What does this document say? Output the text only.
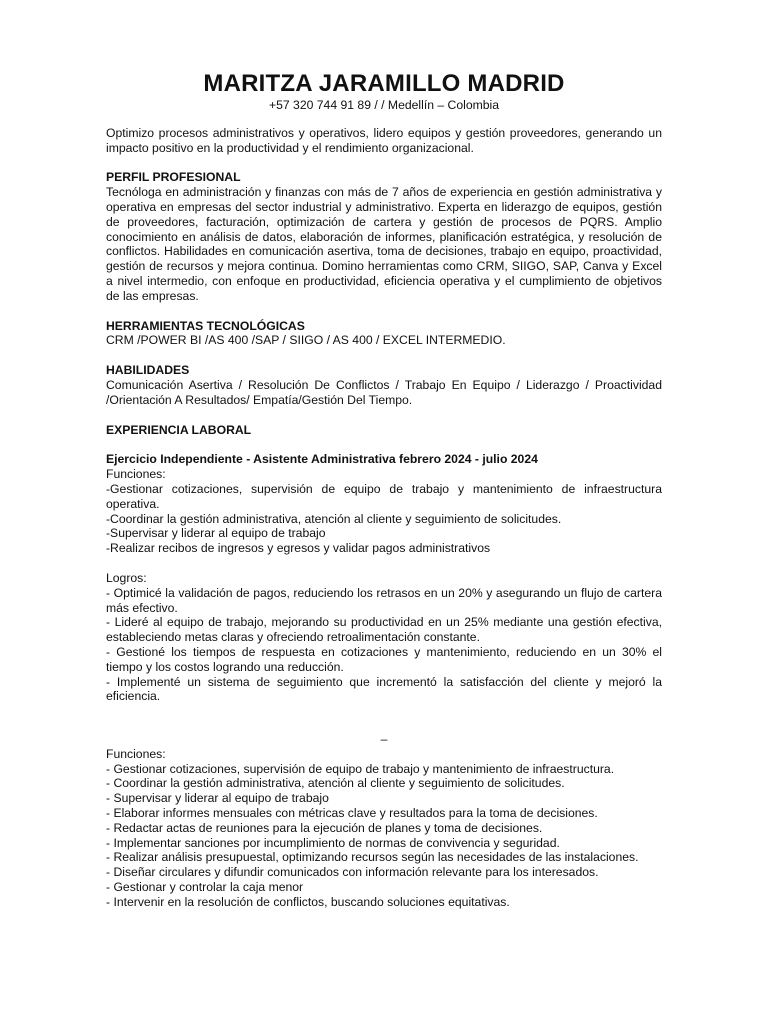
MARITZA JARAMILLO MADRID

+57 320 744 91 89 / / Medellín – Colombia

Optimizo procesos administrativos y operativos, lidero equipos y gestión proveedores, generando un impacto positivo en la productividad y el rendimiento organizacional.

PERFIL PROFESIONAL

Tecnóloga en administración y finanzas con más de 7 años de experiencia en gestión administrativa y operativa en empresas del sector industrial y administrativo. Experta en liderazgo de equipos, gestión de proveedores, facturación, optimización de cartera y gestión de procesos de PQRS. Amplio conocimiento en análisis de datos, elaboración de informes, planificación estratégica, y resolución de conflictos. Habilidades en comunicación asertiva, toma de decisiones, trabajo en equipo, proactividad, gestión de recursos y mejora continua. Domino herramientas como CRM, SIIGO, SAP, Canva y Excel a nivel intermedio, con enfoque en productividad, eficiencia operativa y el cumplimiento de objetivos de las empresas.

HERRAMIENTAS TECNOLÓGICAS

CRM /POWER BI /AS 400 /SAP / SIIGO / AS 400 / EXCEL INTERMEDIO.

HABILIDADES

Comunicación Asertiva / Resolución De Conflictos / Trabajo En Equipo / Liderazgo / Proactividad /Orientación A Resultados/ Empatía/Gestión Del Tiempo.

EXPERIENCIA LABORAL

Ejercicio Independiente - Asistente Administrativa febrero 2024 - julio 2024

Funciones:

-Gestionar cotizaciones, supervisión de equipo de trabajo y mantenimiento de infraestructura operativa.
-Coordinar la gestión administrativa, atención al cliente y seguimiento de solicitudes.
-Supervisar y liderar al equipo de trabajo
-Realizar recibos de ingresos y egresos y validar pagos administrativos

Logros:

- Optimicé la validación de pagos, reduciendo los retrasos en un 20% y asegurando un flujo de cartera más efectivo.
- Lideré al equipo de trabajo, mejorando su productividad en un 25% mediante una gestión efectiva, estableciendo metas claras y ofreciendo retroalimentación constante.
- Gestioné los tiempos de respuesta en cotizaciones y mantenimiento, reduciendo en un 30% el tiempo y los costos logrando una reducción.
- Implementé un sistema de seguimiento que incrementó la satisfacción del cliente y mejoró la eficiencia.

–

Funciones:

- Gestionar cotizaciones, supervisión de equipo de trabajo y mantenimiento de infraestructura.
- Coordinar la gestión administrativa, atención al cliente y seguimiento de solicitudes.
- Supervisar y liderar al equipo de trabajo
- Elaborar informes mensuales con métricas clave y resultados para la toma de decisiones.
- Redactar actas de reuniones para la ejecución de planes y toma de decisiones.
- Implementar sanciones por incumplimiento de normas de convivencia y seguridad.
- Realizar análisis presupuestal, optimizando recursos según las necesidades de las instalaciones.
- Diseñar circulares y difundir comunicados con información relevante para los interesados.
- Gestionar y controlar la caja menor
- Intervenir en la resolución de conflictos, buscando soluciones equitativas.
